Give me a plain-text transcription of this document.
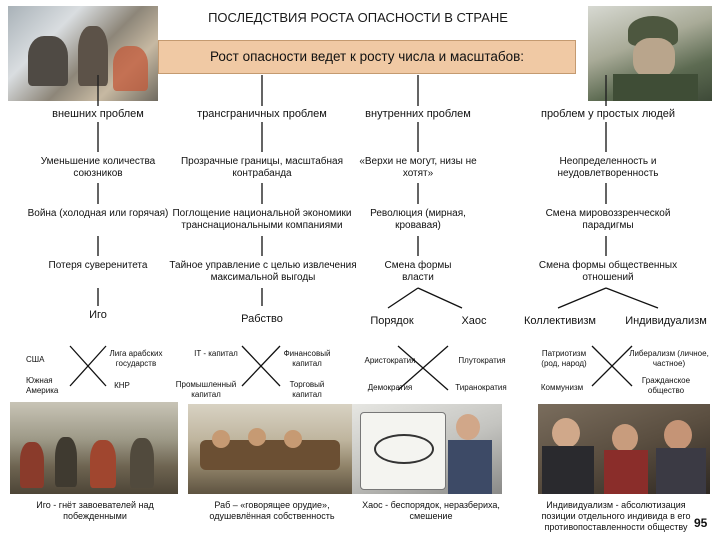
ПОСЛЕДСТВИЯ РОСТА ОПАСНОСТИ В СТРАНЕ
Рост опасности ведет к росту числа и масштабов:
внешних проблем	трансграничных проблем	внутренних проблем	проблем у простых людей
Уменьшение количества союзников
Война (холодная или горячая)
Потеря суверенитета
Иго
Прозрачные границы, масштабная контрабанда
Поглощение национальной экономики транснациональными компаниями
Тайное управление с целью извлечения максимальной выгоды
Рабство
«Верхи не могут, низы не хотят»
Революция (мирная, кровавая)
Смена формы власти
Порядок	Хаос
Неопределенность и неудовлетворенность
Смена мировоззренческой парадигмы
Смена формы общественных отношений
Коллективизм	Индивидуализм
США
Лига арабских государств
Южная Америка
КНР
IT - капитал	Финансовый капитал
Промышленный капитал
Торговый капитал
Аристократия	Плутократия
Демократия	Тиранократия
Патриотизм (род, народ)
Либерализм (личное, частное)
Коммунизм
Гражданское общество
Иго - гнёт завоевателей над побежденными
Раб – «говорящее орудие», одушевлённая собственность
Хаос - беспорядок, неразбериха, смешение
Индивидуализм - абсолютизация позиции отдельного индивида в его противопоставленности обществу 95
